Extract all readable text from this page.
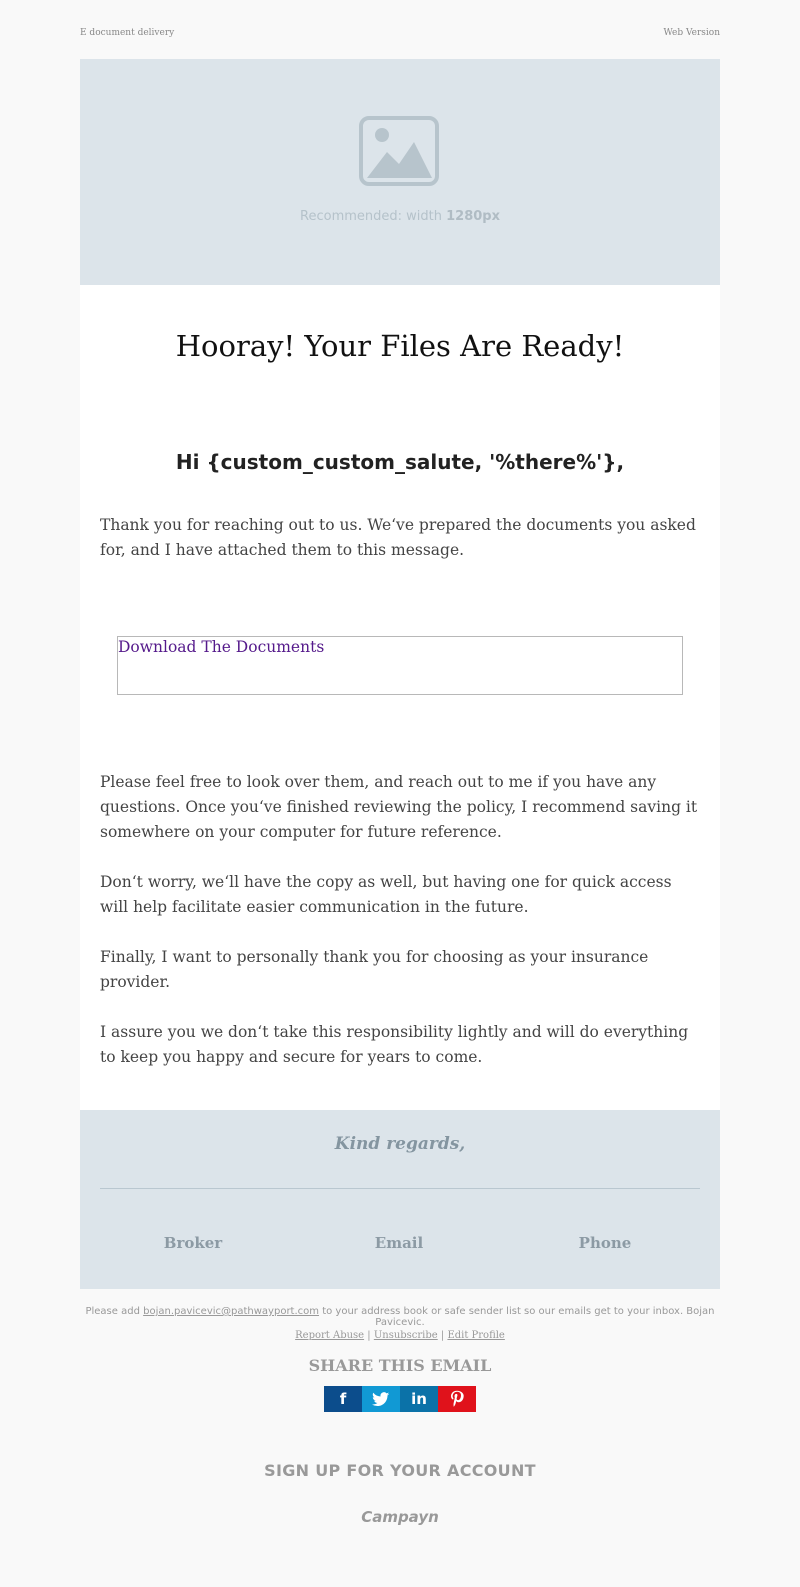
E document delivery	Web Version
Recommended: width 1280px
Hooray! Your Files Are Ready!
Hi {custom_custom_salute, '%there%'},

Thank you for reaching out to us. We‘ve prepared the documents you asked for, and I have attached them to this message.

Download The Documents

Please feel free to look over them, and reach out to me if you have any questions. Once you‘ve finished reviewing the policy, I recommend saving it somewhere on your computer for future reference.

Don‘t worry, we‘ll have the copy as well, but having one for quick access will help facilitate easier communication in the future.

Finally, I want to personally thank you for choosing as your insurance provider.

I assure you we don‘t take this responsibility lightly and will do everything to keep you happy and secure for years to come.

Kind regards,
Broker	Email	Phone
Please add bojan.pavicevic@pathwayport.com to your address book or safe sender list so our emails get to your inbox. Bojan Pavicevic.
Report Abuse | Unsubscribe | Edit Profile
SHARE THIS EMAIL
f	in
SIGN UP FOR YOUR ACCOUNT
Campayn
